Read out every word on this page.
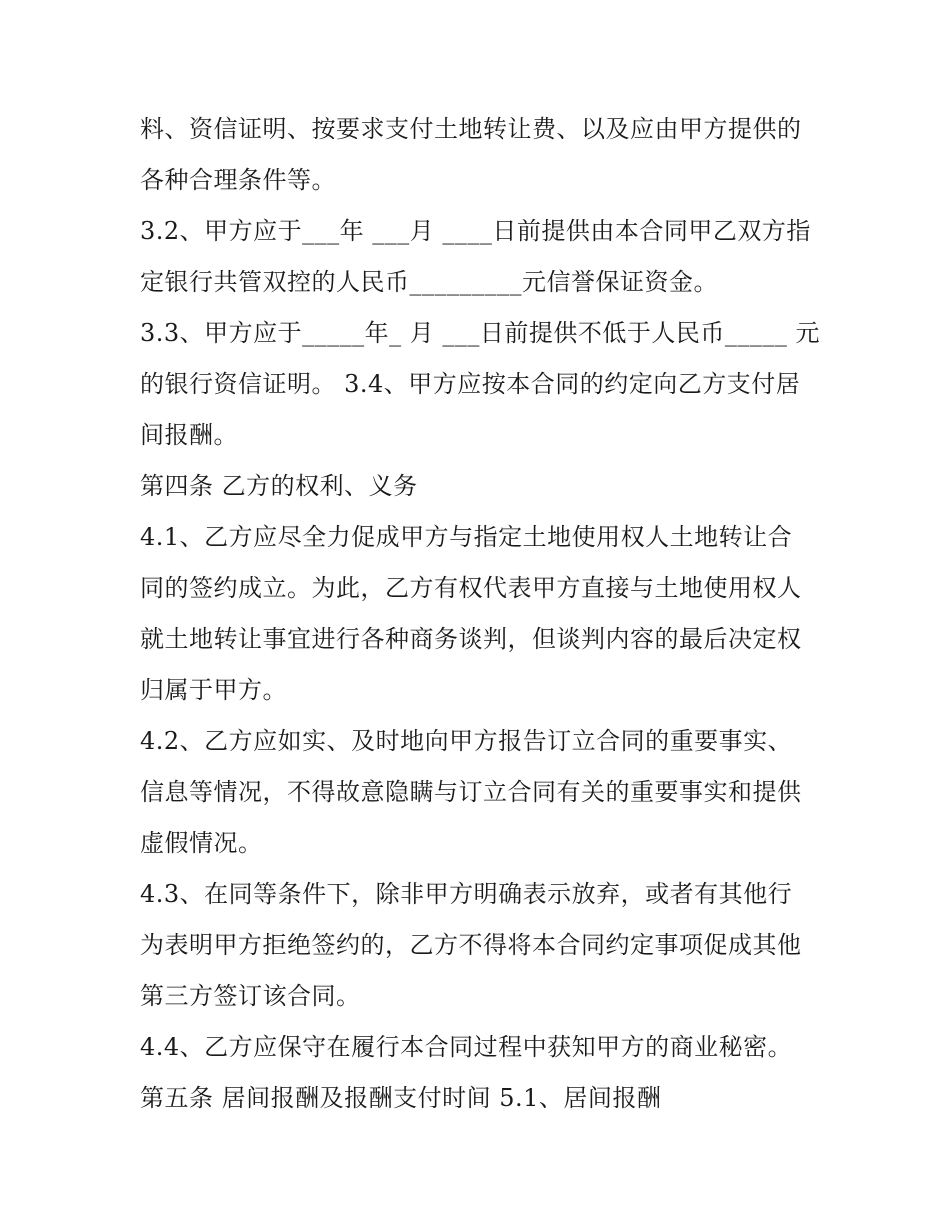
料、资信证明、按要求支付土地转让费、以及应由甲方提供的
各种合理条件等。
3.2、甲方应于___年 ___月 ____日前提供由本合同甲乙双方指
定银行共管双控的人民币_________元信誉保证资金。
3.3、甲方应于_____年_ 月 ___日前提供不低于人民币_____ 元
的银行资信证明。 3.4、甲方应按本合同的约定向乙方支付居
间报酬。
第四条 乙方的权利、义务
4.1、乙方应尽全力促成甲方与指定土地使用权人土地转让合
同的签约成立。为此，乙方有权代表甲方直接与土地使用权人
就土地转让事宜进行各种商务谈判，但谈判内容的最后决定权
归属于甲方。
4.2、乙方应如实、及时地向甲方报告订立合同的重要事实、
信息等情况，不得故意隐瞒与订立合同有关的重要事实和提供
虚假情况。
4.3、在同等条件下，除非甲方明确表示放弃，或者有其他行
为表明甲方拒绝签约的，乙方不得将本合同约定事项促成其他
第三方签订该合同。
4.4、乙方应保守在履行本合同过程中获知甲方的商业秘密。
第五条 居间报酬及报酬支付时间 5.1、居间报酬
